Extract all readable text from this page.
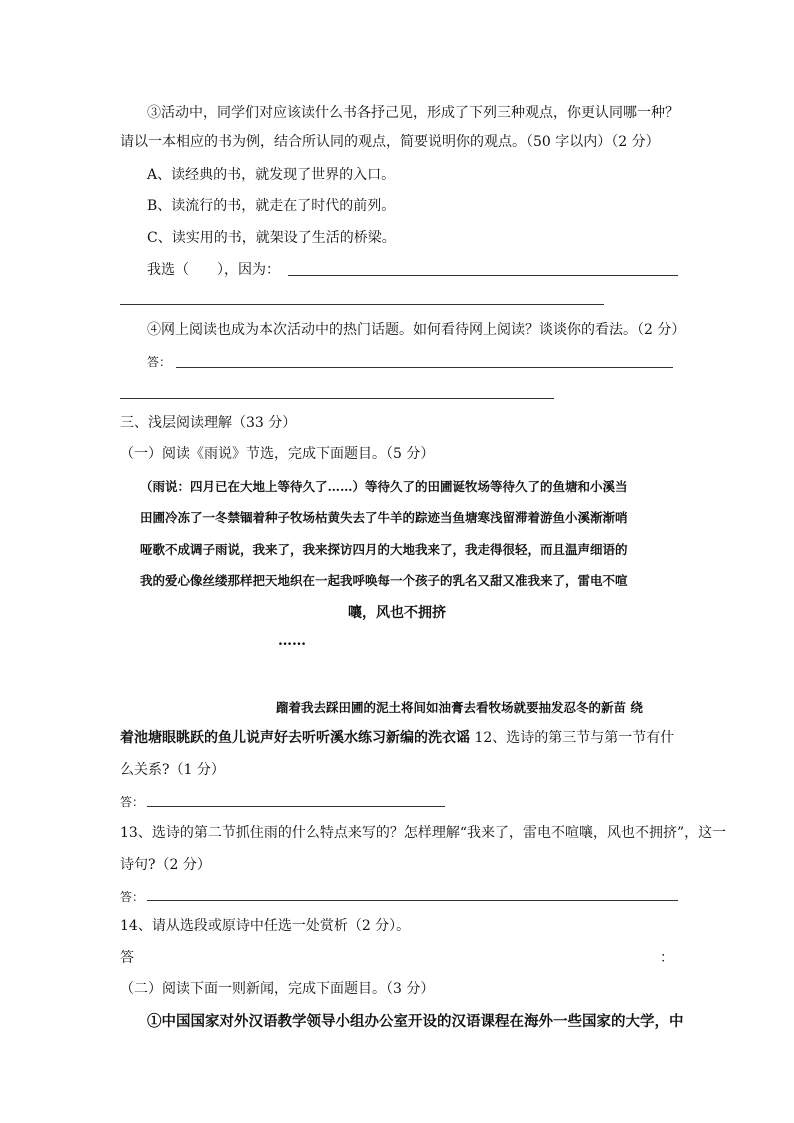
③活动中，同学们对应该读什么书各抒己见，形成了下列三种观点，你更认同哪一种？
请以一本相应的书为例，结合所认同的观点，简要说明你的观点。（50 字以内）（2 分）
A、读经典的书，就发现了世界的入口。
B、读流行的书，就走在了时代的前列。
C、读实用的书，就架设了生活的桥梁。
我选（　　），因为：
④网上阅读也成为本次活动中的热门话题。如何看待网上阅读？谈谈你的看法。（2 分）
答：
三、浅层阅读理解（33 分）
（一）阅读《雨说》节选，完成下面题目。（5 分）
（雨说：四月已在大地上等待久了……）等待久了的田圃诞牧场等待久了的鱼塘和小溪当
田圃冷冻了一冬禁锢着种子牧场枯黄失去了牛羊的踪迹当鱼塘寒浅留滞着游鱼小溪渐渐哨
哑歌不成调子雨说，我来了，我来探访四月的大地我来了，我走得很轻，而且温声细语的
我的爱心像丝缕那样把天地织在一起我呼唤每一个孩子的乳名又甜又准我来了，雷电不喧
嚷，风也不拥挤
……
蹓着我去踩田圃的泥土将间如油膏去看牧场就要抽发忍冬的新苗 绕
着池塘眼眺跃的鱼儿说声好去听听溪水练习新编的洗衣谣 12、选诗的第三节与第一节有什
么关系?（1 分）
答：
13、选诗的第二节抓住雨的什么特点来写的？怎样理解“我来了，雷电不喧嚷，风也不拥挤”，这一
诗句?（2 分）
答：
14、请从选段或原诗中任选一处赏析（2 分）。
答	：
（二）阅读下面一则新闻，完成下面题目。（3 分）
①中国国家对外汉语教学领导小组办公室开设的汉语课程在海外一些国家的大学，中
